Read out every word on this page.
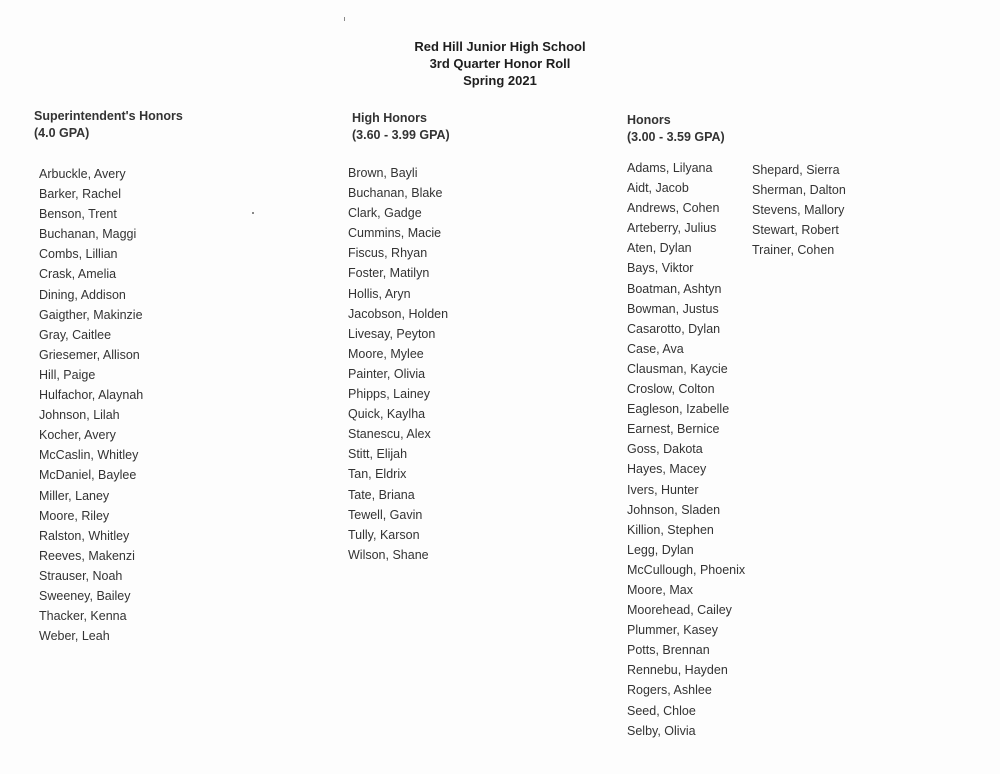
Red Hill Junior High School
3rd Quarter Honor Roll
Spring 2021
Superintendent's Honors
(4.0 GPA)
Arbuckle, Avery
Barker, Rachel
Benson, Trent
Buchanan, Maggi
Combs, Lillian
Crask, Amelia
Dining, Addison
Gaigther, Makinzie
Gray, Caitlee
Griesemer, Allison
Hill, Paige
Hulfachor, Alaynah
Johnson, Lilah
Kocher, Avery
McCaslin, Whitley
McDaniel, Baylee
Miller, Laney
Moore, Riley
Ralston, Whitley
Reeves, Makenzi
Strauser, Noah
Sweeney, Bailey
Thacker, Kenna
Weber, Leah
High Honors
(3.60 - 3.99 GPA)
Brown, Bayli
Buchanan, Blake
Clark, Gadge
Cummins, Macie
Fiscus, Rhyan
Foster, Matilyn
Hollis, Aryn
Jacobson, Holden
Livesay, Peyton
Moore, Mylee
Painter, Olivia
Phipps, Lainey
Quick, Kaylha
Stanescu, Alex
Stitt, Elijah
Tan, Eldrix
Tate, Briana
Tewell, Gavin
Tully, Karson
Wilson, Shane
Honors
(3.00 - 3.59 GPA)
Adams, Lilyana
Aidt, Jacob
Andrews, Cohen
Arteberry, Julius
Aten, Dylan
Bays, Viktor
Boatman, Ashtyn
Bowman, Justus
Casarotto, Dylan
Case, Ava
Clausman, Kaycie
Croslow, Colton
Eagleson, Izabelle
Earnest, Bernice
Goss, Dakota
Hayes, Macey
Ivers, Hunter
Johnson, Sladen
Killion, Stephen
Legg, Dylan
McCullough, Phoenix
Moore, Max
Moorehead, Cailey
Plummer, Kasey
Potts, Brennan
Rennebu, Hayden
Rogers, Ashlee
Seed, Chloe
Selby, Olivia
Shepard, Sierra
Sherman, Dalton
Stevens, Mallory
Stewart, Robert
Trainer, Cohen
